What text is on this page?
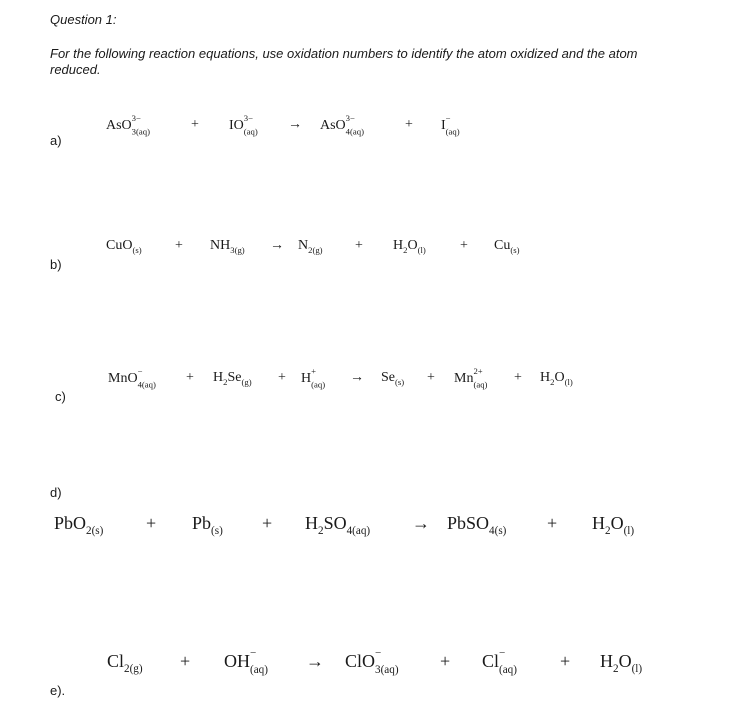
Question 1:
For the following reaction equations, use oxidation numbers to identify the atom oxidized and the atom reduced.
a)
b)
c)
d)
e).
AsO 3−
3(aq)	+ IO 3−
(aq) → AsO 3−
4(aq)	+ I −
(aq)
$CuO_{(s)} + NH_{3(g)} \to N_{2(g)} + H_2O_{(l)} + Cu_{(s)}$
MnO −
$4(aq) + H_2Se_{(g)} + H$ +
$(aq) \to Se_{(s)} + Mn$ 2+
$(aq) + H_2O_{(l)}$
$PbO_{2(s)} + Pb_{(s)} + H_2SO_{4(aq)}$ → PbSO$_{4(s)}$ + $H_2O_{(l)}$
$Cl_{2(g)}$ + OH −
(aq) → ClO −
3(aq) + Cl −
$(aq) + H_2O_{(l)}$
